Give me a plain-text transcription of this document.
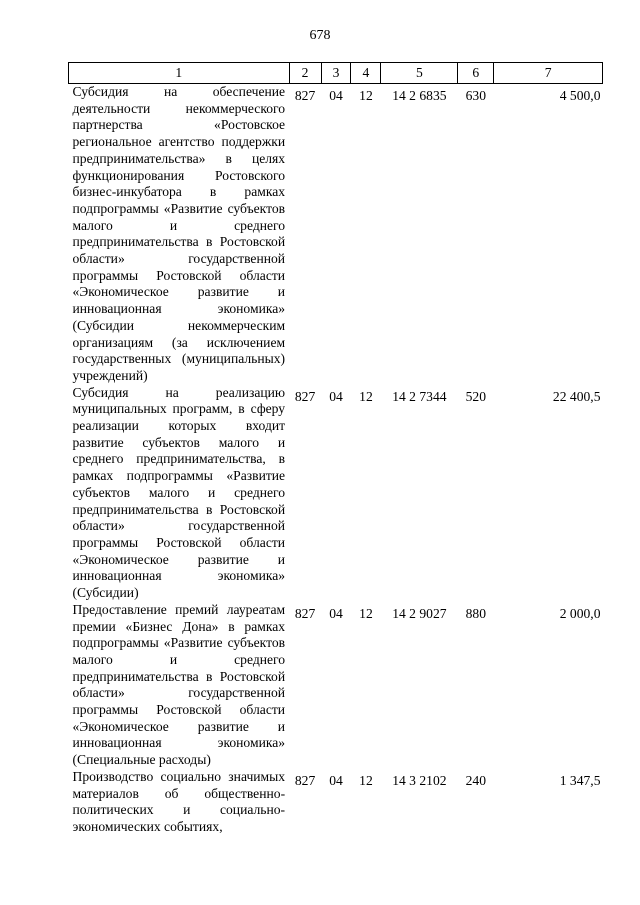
678
1	2	3	4	5	6	7
Субсидия на обеспечение деятельности некоммерческого партнерства «Ростовское региональное агентство поддержки предпринимательства» в целях функционирования Ростовского бизнес-инкубатора в рамках подпрограммы «Развитие субъектов малого и среднего предпринимательства в Ростовской области» государственной программы Ростовской области «Экономическое развитие и инновационная экономика» (Субсидии некоммерческим организациям (за исключением государственных (муниципальных) учреждений)	827	04	12	14 2 6835	630	4 500,0
Субсидия на реализацию муниципальных программ, в сферу реализации которых входит развитие субъектов малого и среднего предпринимательства, в рамках подпрограммы «Развитие субъектов малого и среднего предпринимательства в Ростовской области» государственной программы Ростовской области «Экономическое развитие и инновационная экономика» (Субсидии)	827	04	12	14 2 7344	520	22 400,5
Предоставление премий лауреатам премии «Бизнес Дона» в рамках подпрограммы «Развитие субъектов малого и среднего предпринимательства в Ростовской области» государственной программы Ростовской области «Экономическое развитие и инновационная экономика» (Специальные расходы)	827	04	12	14 2 9027	880	2 000,0
Производство социально значимых материалов об общественно-политических и социально-экономических событиях,	827	04	12	14 3 2102	240	1 347,5
